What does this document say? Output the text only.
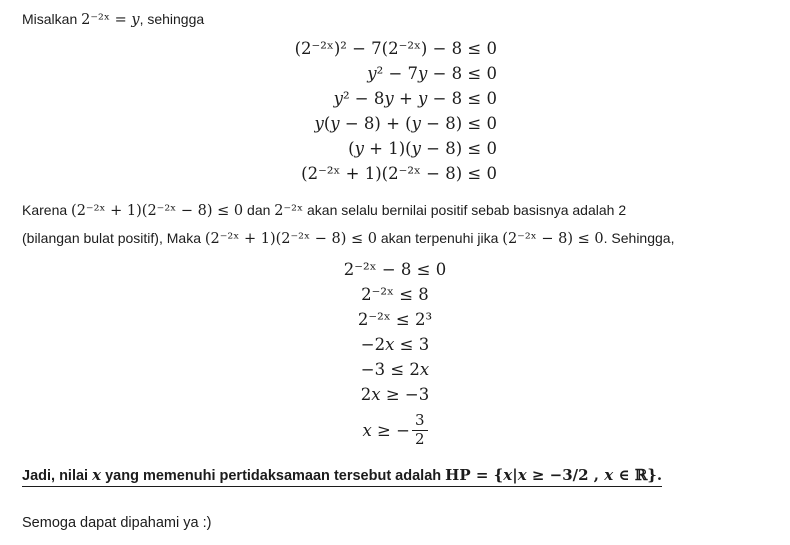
Misalkan 2⁻²ˣ = y, sehingga
(2⁻²ˣ)² − 7(2⁻²ˣ) − 8 ≤ 0
y² − 7y − 8 ≤ 0
y² − 8y + y − 8 ≤ 0
y(y − 8) + (y − 8) ≤ 0
(y + 1)(y − 8) ≤ 0
(2⁻²ˣ + 1)(2⁻²ˣ − 8) ≤ 0
Karena (2⁻²ˣ + 1)(2⁻²ˣ − 8) ≤ 0 dan 2⁻²ˣ akan selalu bernilai positif sebab basisnya adalah 2
(bilangan bulat positif), Maka (2⁻²ˣ + 1)(2⁻²ˣ − 8) ≤ 0 akan terpenuhi jika (2⁻²ˣ − 8) ≤ 0. Sehingga,
2⁻²ˣ − 8 ≤ 0
2⁻²ˣ ≤ 8
2⁻²ˣ ≤ 2³
−2x ≤ 3
−3 ≤ 2x
2x ≥ −3
x ≥ − $\frac{3}{2}$
Jadi, nilai x yang memenuhi pertidaksamaan tersebut adalah HP = {x|x ≥ −3/2 , x ∈ ℝ}.
Semoga dapat dipahami ya :)
